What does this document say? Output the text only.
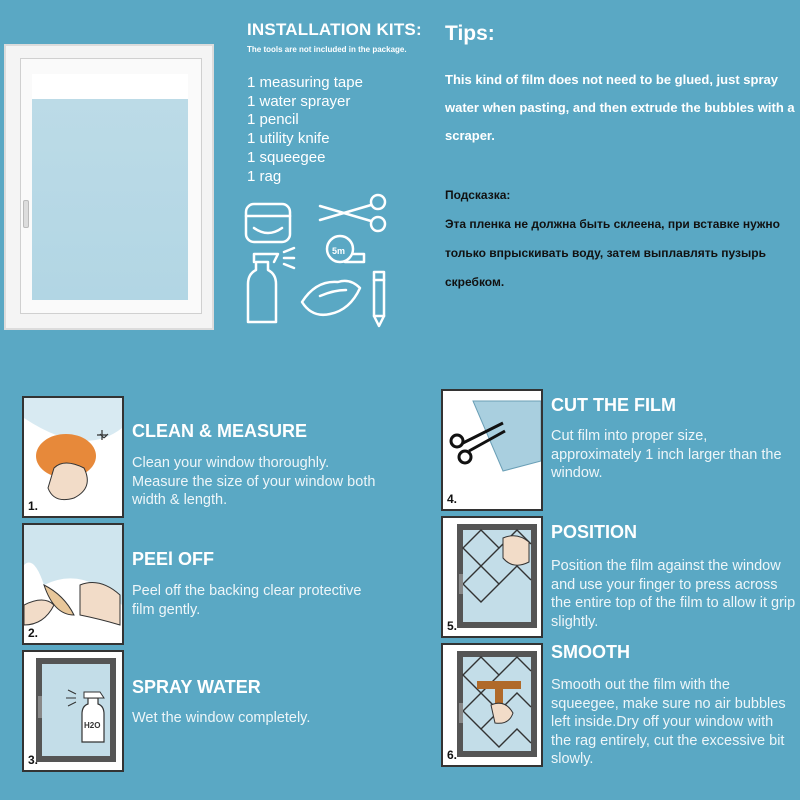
INSTALLATION KITS:
The tools are not included in the package.
1 measuring tape
1 water sprayer
1 pencil
1 utility knife
1 squeegee
1 rag
5m
Tips:
This kind of film does not need to be glued, just spray water when pasting, and then extrude the bubbles with a scraper.
Подсказка:
Эта пленка не должна быть склеена, при вставке нужно только впрыскивать воду, затем выплавлять пузырь скребком.
1.
CLEAN & MEASURE
Clean your window thoroughly. Measure the size of your window both width & length.
2.
PEEl OFF
Peel off the backing clear protective film gently.
H2O
3.
SPRAY WATER
Wet the window completely.
4.
CUT THE FILM
Cut film into proper size, approximately 1 inch larger than the window.
5.
POSITION
Position the film against the window and use your finger to press across the entire top of the film to allow it grip slightly.
6.
SMOOTH
Smooth out the film with the squeegee, make sure no air bubbles left inside.Dry off your window with the rag entirely, cut the excessive bit slowly.
